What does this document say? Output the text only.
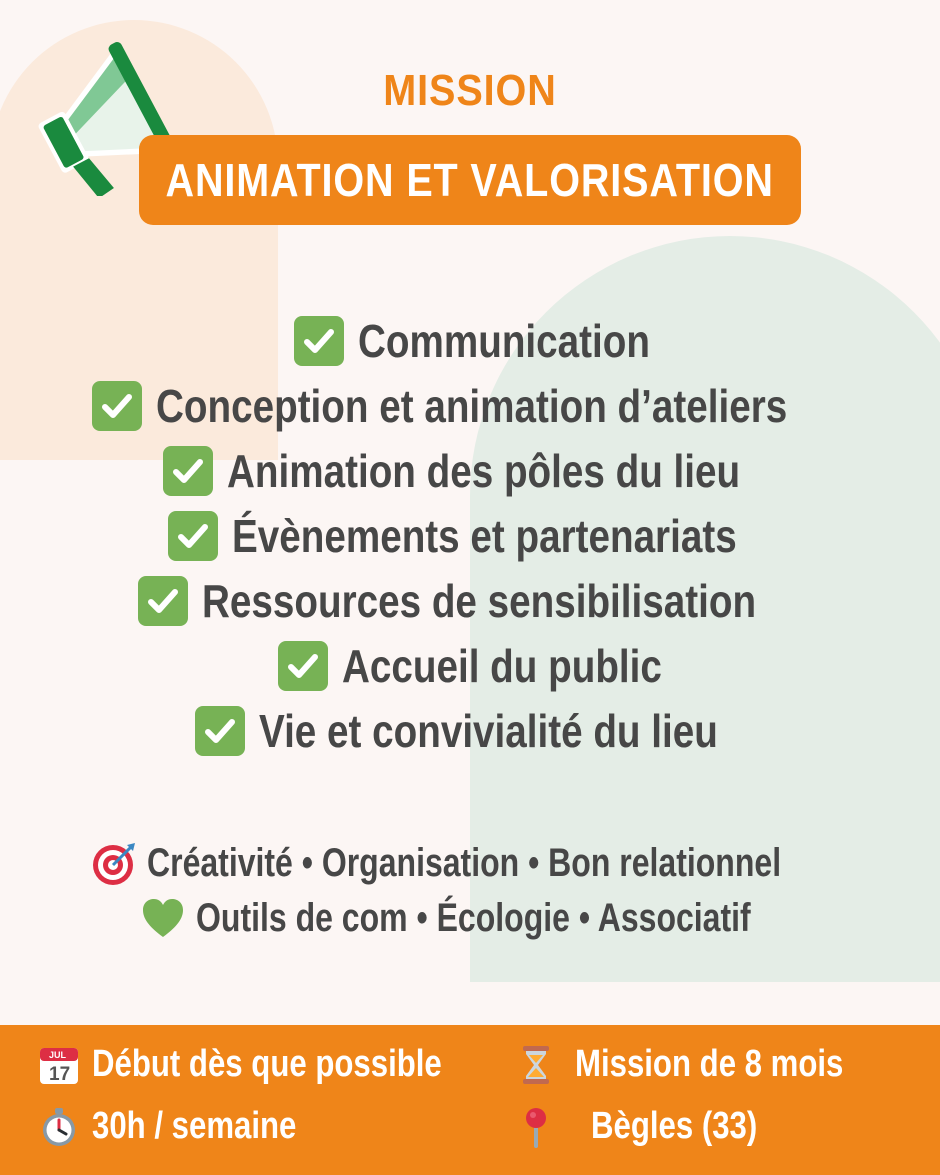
MISSION
ANIMATION ET VALORISATION
Communication
Conception et animation d’ateliers
Animation des pôles du lieu
Évènements et partenariats
Ressources de sensibilisation
Accueil du public
Vie et convivialité du lieu
Créativité • Organisation • Bon relationnel
Outils de com • Écologie • Associatif
JUL
17 Début dès que possible	Mission de 8 mois
30h / semaine	Bègles (33)
